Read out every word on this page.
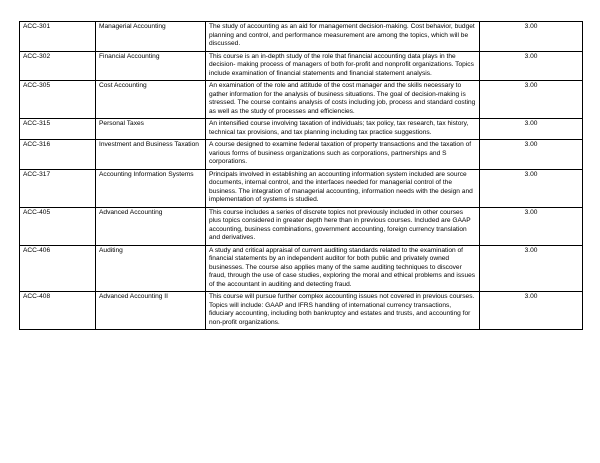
ACC-301	Managerial Accounting	The study of accounting as an aid for management decision-making. Cost behavior, budget planning and control, and performance measurement are among the topics, which will be discussed.	3.00
ACC-302	Financial Accounting	This course is an in-depth study of the role that financial accounting data plays in the decision- making process of managers of both for-profit and nonprofit organizations. Topics include examination of financial statements and financial statement analysis.	3.00
ACC-305	Cost Accounting	An examination of the role and attitude of the cost manager and the skills necessary to gather information for the analysis of business situations. The goal of decision-making is stressed. The course contains analysis of costs including job, process and standard costing as well as the study of processes and efficiencies.	3.00
ACC-315	Personal Taxes	An intensified course involving taxation of individuals; tax policy, tax research, tax history, technical tax provisions, and tax planning including tax practice suggestions.	3.00
ACC-316	Investment and Business Taxation	A course designed to examine federal taxation of property transactions and the taxation of various forms of business organizations such as corporations, partnerships and S corporations.	3.00
ACC-317	Accounting Information Systems	Principals involved in establishing an accounting information system included are source documents, internal control, and the interfaces needed for managerial control of the business. The integration of managerial accounting, information needs with the design and implementation of systems is studied.	3.00
ACC-405	Advanced Accounting	This course includes a series of discrete topics not previously included in other courses plus topics considered in greater depth here than in previous courses. Included are GAAP accounting, business combinations, government accounting, foreign currency translation and derivatives.	3.00
ACC-406	Auditing	A study and critical appraisal of current auditing standards related to the examination of financial statements by an independent auditor for both public and privately owned businesses. The course also applies many of the same auditing techniques to discover fraud, through the use of case studies, exploring the moral and ethical problems and issues of the accountant in auditing and detecting fraud.	3.00
ACC-408	Advanced Accounting II	This course will pursue further complex accounting issues not covered in previous courses. Topics will include: GAAP and IFRS handling of international currency transactions, fiduciary accounting, including both bankruptcy and estates and trusts, and accounting for non-profit organizations.	3.00
